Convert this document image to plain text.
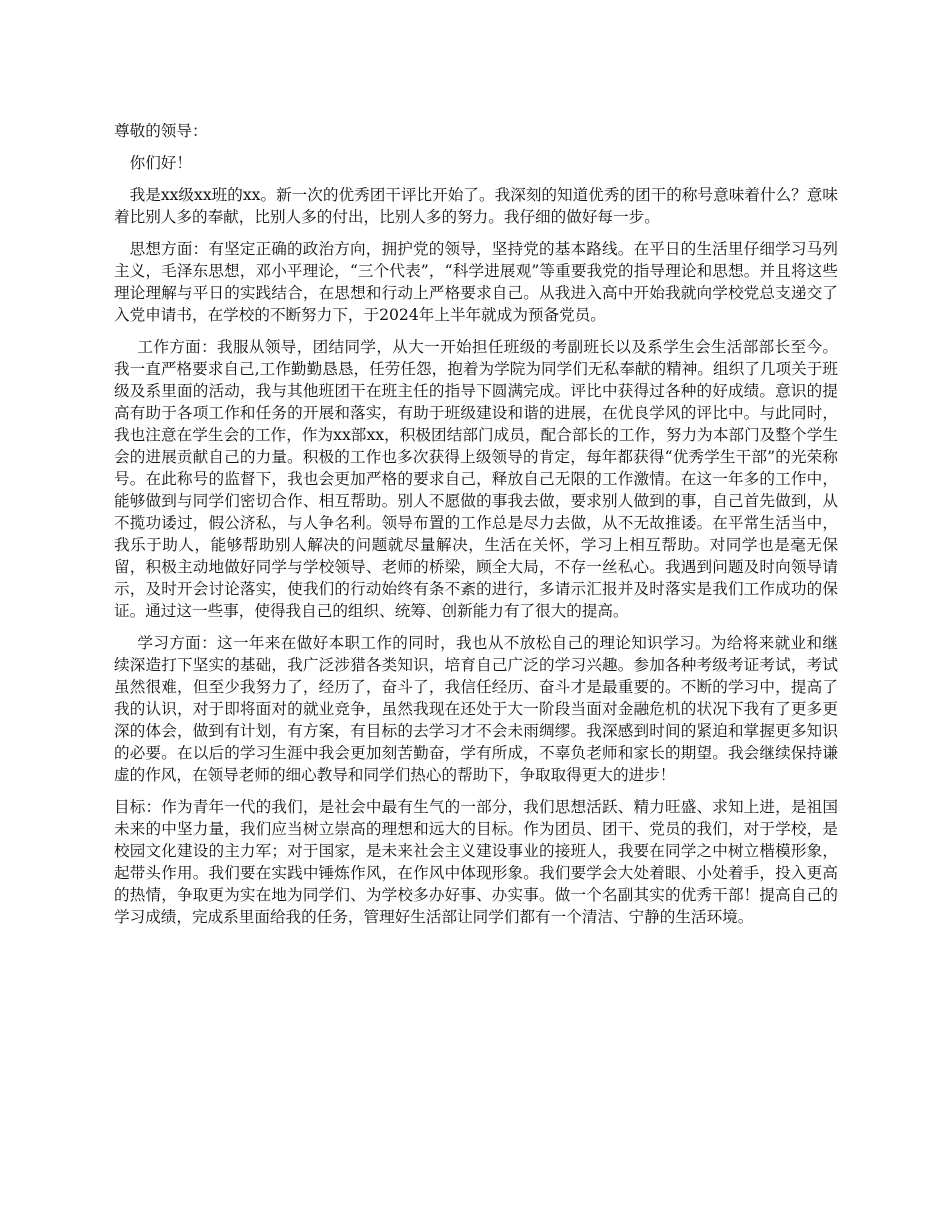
尊敬的领导：

你们好！

我是xx级xx班的xx。新一次的优秀团干评比开始了。我深刻的知道优秀的团干的称号意味着什么？意味着比别人多的奉献，比别人多的付出，比别人多的努力。我仔细的做好每一步。

思想方面：有坚定正确的政治方向，拥护党的领导，坚持党的基本路线。在平日的生活里仔细学习马列主义，毛泽东思想，邓小平理论，“三个代表”，“科学进展观”等重要我党的指导理论和思想。并且将这些理论理解与平日的实践结合，在思想和行动上严格要求自己。从我进入高中开始我就向学校党总支递交了入党申请书，在学校的不断努力下，于2024年上半年就成为预备党员。

工作方面：我服从领导，团结同学，从大一开始担任班级的考副班长以及系学生会生活部部长至今。我一直严格要求自己,工作勤勤恳恳，任劳任怨，抱着为学院为同学们无私奉献的精神。组织了几项关于班级及系里面的活动，我与其他班团干在班主任的指导下圆满完成。评比中获得过各种的好成绩。意识的提高有助于各项工作和任务的开展和落实，有助于班级建设和谐的进展，在优良学风的评比中。与此同时，我也注意在学生会的工作，作为xx部xx，积极团结部门成员，配合部长的工作，努力为本部门及整个学生会的进展贡献自己的力量。积极的工作也多次获得上级领导的肯定，每年都获得“优秀学生干部”的光荣称号。在此称号的监督下，我也会更加严格的要求自己，释放自己无限的工作激情。在这一年多的工作中，能够做到与同学们密切合作、相互帮助。别人不愿做的事我去做，要求别人做到的事，自己首先做到，从不揽功诿过，假公济私，与人争名利。领导布置的工作总是尽力去做，从不无故推诿。在平常生活当中，我乐于助人，能够帮助别人解决的问题就尽量解决，生活在关怀，学习上相互帮助。对同学也是毫无保留，积极主动地做好同学与学校领导、老师的桥梁，顾全大局，不存一丝私心。我遇到问题及时向领导请示，及时开会讨论落实，使我们的行动始终有条不紊的进行，多请示汇报并及时落实是我们工作成功的保证。通过这一些事，使得我自己的组织、统筹、创新能力有了很大的提高。

学习方面：这一年来在做好本职工作的同时，我也从不放松自己的理论知识学习。为给将来就业和继续深造打下坚实的基础，我广泛涉猎各类知识，培育自己广泛的学习兴趣。参加各种考级考证考试，考试虽然很难，但至少我努力了，经历了，奋斗了，我信任经历、奋斗才是最重要的。不断的学习中，提高了我的认识，对于即将面对的就业竞争，虽然我现在还处于大一阶段当面对金融危机的状况下我有了更多更深的体会，做到有计划，有方案，有目标的去学习才不会未雨绸缪。我深感到时间的紧迫和掌握更多知识的必要。在以后的学习生涯中我会更加刻苦勤奋，学有所成，不辜负老师和家长的期望。我会继续保持谦虚的作风，在领导老师的细心教导和同学们热心的帮助下，争取取得更大的进步！

目标：作为青年一代的我们，是社会中最有生气的一部分，我们思想活跃、精力旺盛、求知上进，是祖国未来的中坚力量，我们应当树立崇高的理想和远大的目标。作为团员、团干、党员的我们，对于学校，是校园文化建设的主力军；对于国家，是未来社会主义建设事业的接班人，我要在同学之中树立楷模形象，起带头作用。我们要在实践中锤炼作风，在作风中体现形象。我们要学会大处着眼、小处着手，投入更高的热情，争取更为实在地为同学们、为学校多办好事、办实事。做一个名副其实的优秀干部！提高自己的学习成绩，完成系里面给我的任务，管理好生活部让同学们都有一个清洁、宁静的生活环境。
